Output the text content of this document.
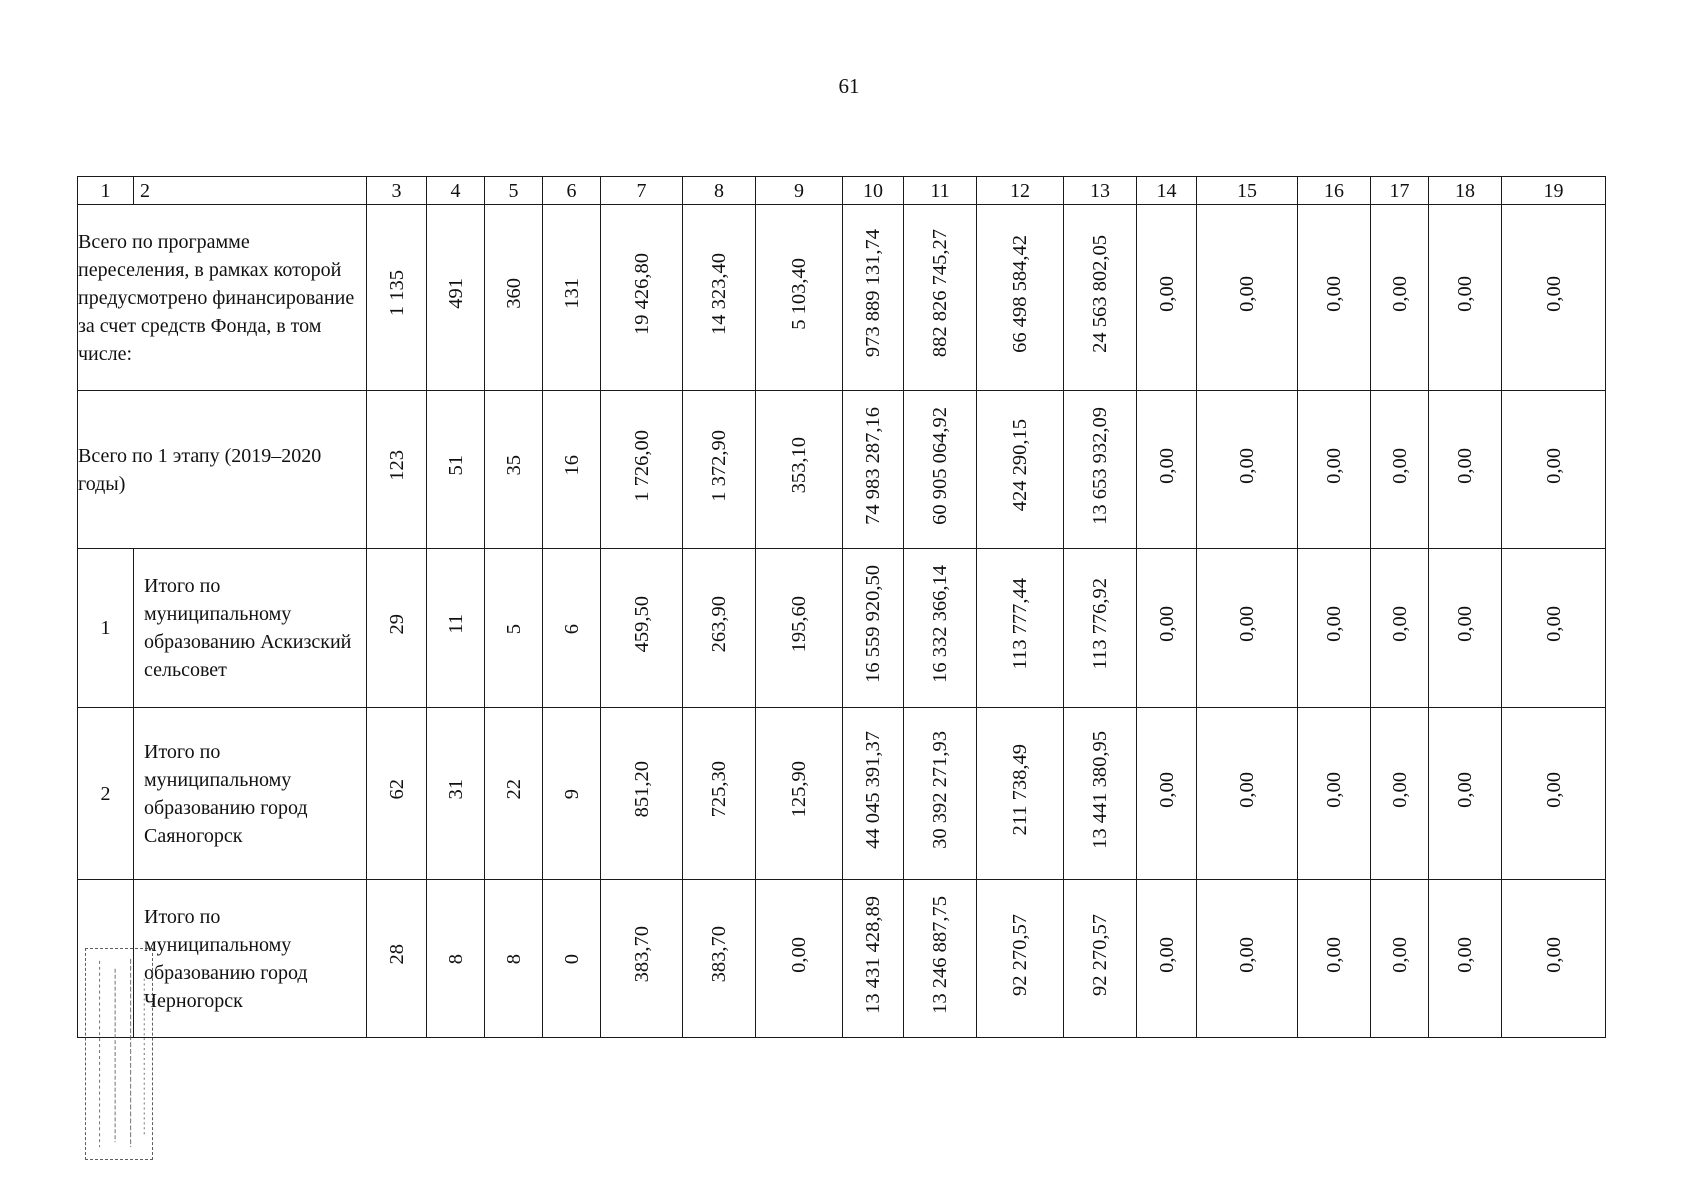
61
1	2	3	4	5	6	7	8	9	10	11	12	13	14	15	16	17	18	19
Всего по программе переселения, в рамках которой предусмотрено финансирование за счет средств Фонда, в том числе:		1 135	491	360	131	19 426,80	14 323,40	5 103,40	973 889 131,74	882 826 745,27	66 498 584,42	24 563 802,05	0,00	0,00	0,00	0,00	0,00	0,00
Всего по 1 этапу (2019–2020 годы)		123	51	35	16	1 726,00	1 372,90	353,10	74 983 287,16	60 905 064,92	424 290,15	13 653 932,09	0,00	0,00	0,00	0,00	0,00	0,00
1	Итого по муниципальному образованию Аскизский сельсовет	29	11	5	6	459,50	263,90	195,60	16 559 920,50	16 332 366,14	113 777,44	113 776,92	0,00	0,00	0,00	0,00	0,00	0,00
2	Итого по муниципальному образованию город Саяногорск	62	31	22	9	851,20	725,30	125,90	44 045 391,37	30 392 271,93	211 738,49	13 441 380,95	0,00	0,00	0,00	0,00	0,00	0,00
	Итого по муниципальному образованию город Черногорск	28	8	8	0	383,70	383,70	0,00	13 431 428,89	13 246 887,75	92 270,57	92 270,57	0,00	0,00	0,00	0,00	0,00	0,00
